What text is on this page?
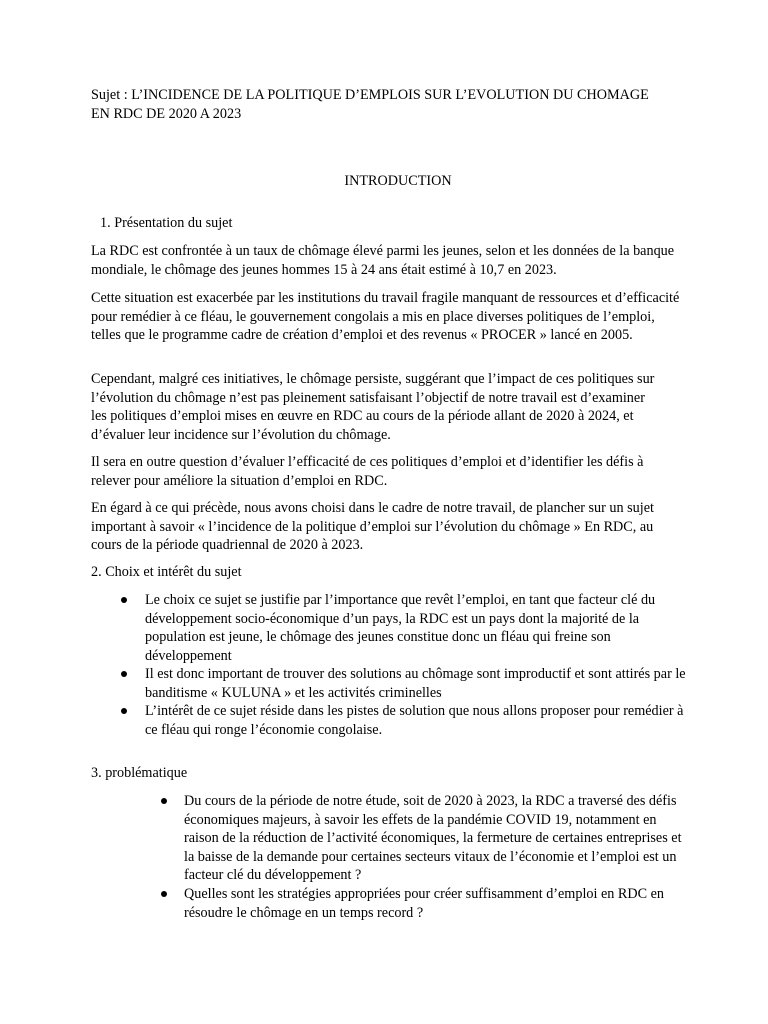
Sujet : L’INCIDENCE DE LA POLITIQUE D’EMPLOIS SUR L’EVOLUTION DU CHOMAGE EN RDC DE 2020 A 2023

INTRODUCTION

1. Présentation du sujet

La RDC est confrontée à un taux de chômage élevé parmi les jeunes, selon et les données de la banque mondiale, le chômage des jeunes hommes 15 à 24 ans était estimé à 10,7 en 2023.

Cette situation est exacerbée par les institutions du travail fragile manquant de ressources et d’efficacité pour remédier à ce fléau, le gouvernement congolais a mis en place diverses politiques de l’emploi, telles que le programme cadre de création d’emploi et des revenus « PROCER » lancé en 2005.

Cependant, malgré ces initiatives, le chômage persiste, suggérant que l’impact de ces politiques sur l’évolution du chômage n’est pas pleinement satisfaisant l’objectif de notre travail est d’examiner les politiques d’emploi mises en œuvre en RDC au cours de la période allant de 2020 à 2024, et d’évaluer leur incidence sur l’évolution du chômage.

Il sera en outre question d’évaluer l’efficacité de ces politiques d’emploi et d’identifier les défis à relever pour améliore la situation d’emploi en RDC.

En égard à ce qui précède, nous avons choisi dans le cadre de notre travail, de plancher sur un sujet important à savoir « l’incidence de la politique d’emploi sur l’évolution du chômage » En RDC, au cours de la période quadriennal de 2020 à 2023.

2. Choix et intérêt du sujet

Le choix ce sujet se justifie par l’importance que revêt l’emploi, en tant que facteur clé du développement socio-économique d’un pays, la RDC est un pays dont la majorité de la population est jeune, le chômage des jeunes constitue donc un fléau qui freine son développement
Il est donc important de trouver des solutions au chômage sont improductif et sont attirés par le banditisme « KULUNA » et les activités criminelles
L’intérêt de ce sujet réside dans les pistes de solution que nous allons proposer pour remédier à ce fléau qui ronge l’économie congolaise.

3. problématique

Du cours de la période de notre étude, soit de 2020 à 2023, la RDC a traversé des défis économiques majeurs, à savoir les effets de la pandémie COVID 19, notamment en raison de la réduction de l’activité économiques, la fermeture de certaines entreprises et la baisse de la demande pour certaines secteurs vitaux de l’économie et l’emploi est un facteur clé du développement ?
Quelles sont les stratégies appropriées pour créer suffisamment d’emploi en RDC en résoudre le chômage en un temps record ?
